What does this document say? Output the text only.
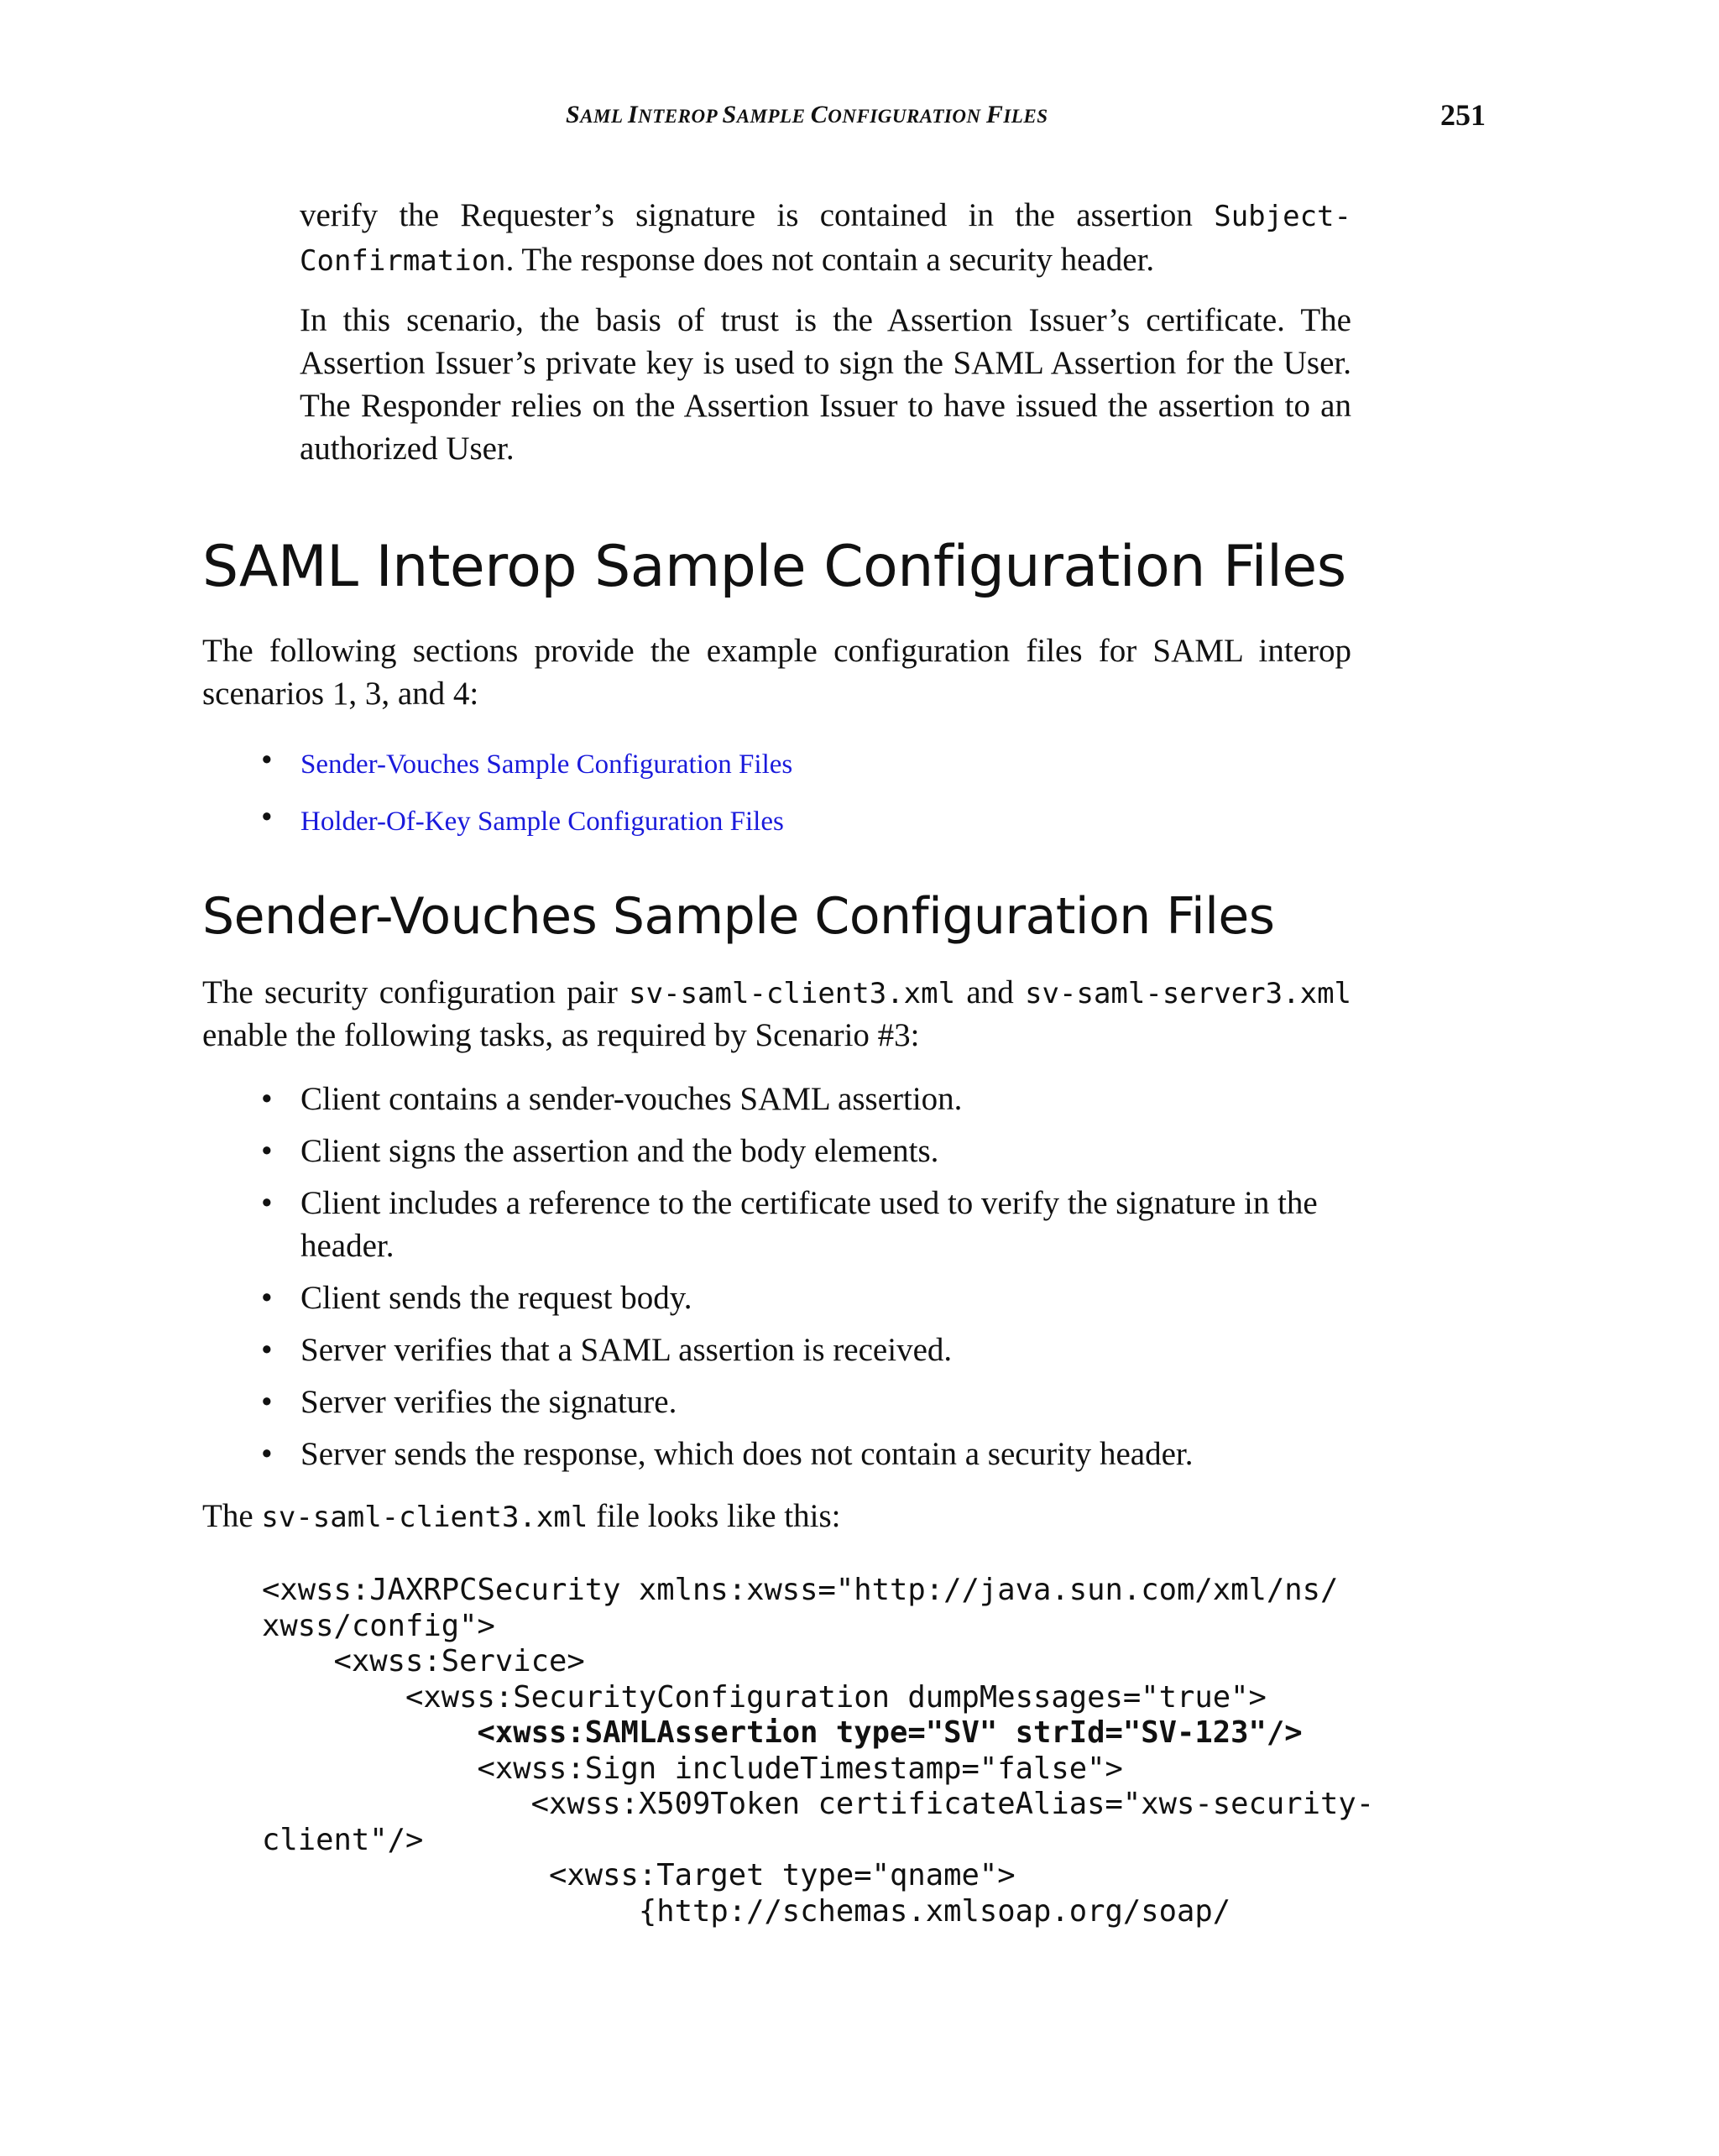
SAML INTEROP SAMPLE CONFIGURATION FILES	251

verify the Requester’s signature is contained in the assertion Subject-Confirmation. The response does not contain a security header.

In this scenario, the basis of trust is the Assertion Issuer’s certificate. The Assertion Issuer’s private key is used to sign the SAML Assertion for the User. The Responder relies on the Assertion Issuer to have issued the assertion to an authorized User.

SAML Interop Sample Configuration Files

The following sections provide the example configuration files for SAML interop scenarios 1, 3, and 4:

• Sender-Vouches Sample Configuration Files
• Holder-Of-Key Sample Configuration Files
Sender-Vouches Sample Configuration Files

The security configuration pair sv-saml-client3.xml and sv-saml-server3.xml enable the following tasks, as required by Scenario #3:

• Client contains a sender-vouches SAML assertion.
• Client signs the assertion and the body elements.
• Client includes a reference to the certificate used to verify the signature in the header.
• Client sends the request body.
• Server verifies that a SAML assertion is received.
• Server verifies the signature.
• Server sends the response, which does not contain a security header.

The sv-saml-client3.xml file looks like this:

<xwss:JAXRPCSecurity xmlns:xwss="http://java.sun.com/xml/ns/
xwss/config">
<xwss:Service>
<xwss:SecurityConfiguration dumpMessages="true">
<xwss:SAMLAssertion type="SV" strId="SV-123"/>
<xwss:Sign includeTimestamp="false">
<xwss:X509Token certificateAlias="xws-security-
client"/>
<xwss:Target type="qname">
{http://schemas.xmlsoap.org/soap/
